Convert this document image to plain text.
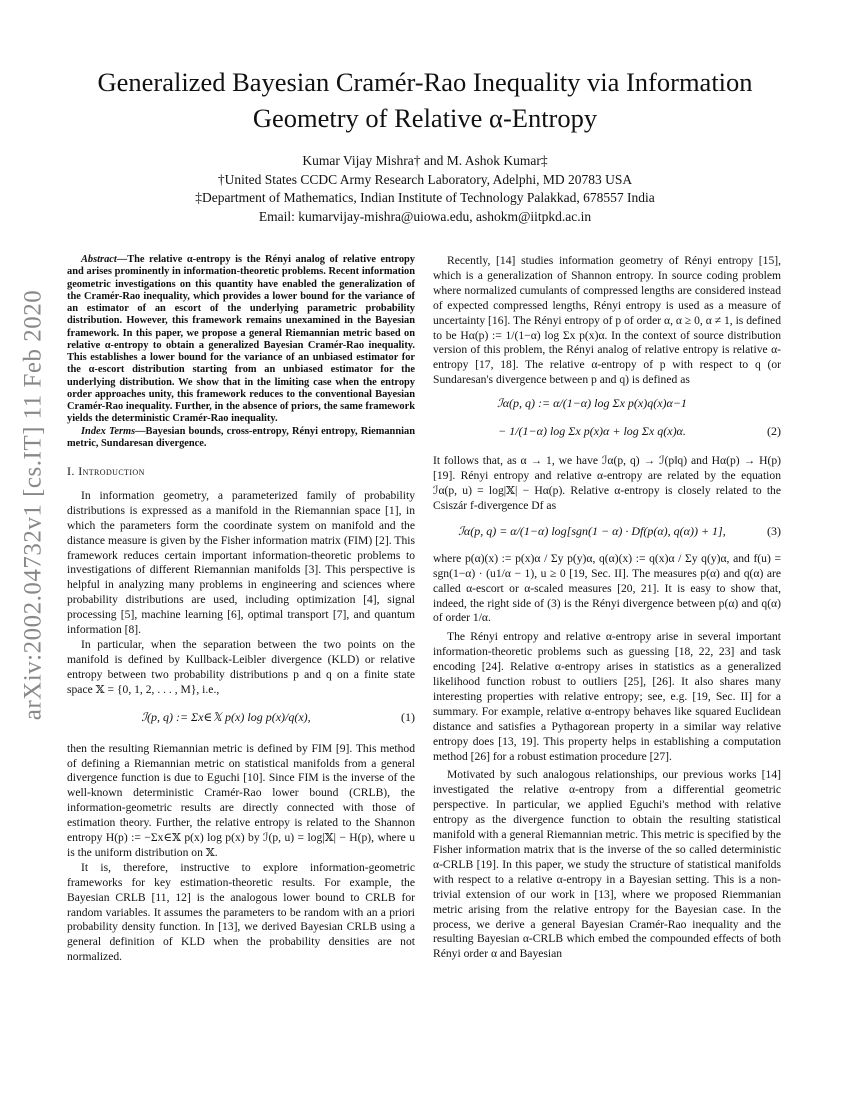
arXiv:2002.04732v1 [cs.IT] 11 Feb 2020
Generalized Bayesian Cramér-Rao Inequality via Information Geometry of Relative α-Entropy
Kumar Vijay Mishra† and M. Ashok Kumar‡
†United States CCDC Army Research Laboratory, Adelphi, MD 20783 USA
‡Department of Mathematics, Indian Institute of Technology Palakkad, 678557 India
Email: kumarvijay-mishra@uiowa.edu, ashokm@iitpkd.ac.in

Abstract—The relative α-entropy is the Rényi analog of relative entropy and arises prominently in information-theoretic problems. Recent information geometric investigations on this quantity have enabled the generalization of the Cramér-Rao inequality, which provides a lower bound for the variance of an estimator of an escort of the underlying parametric probability distribution. However, this framework remains unexamined in the Bayesian framework. In this paper, we propose a general Riemannian metric based on relative α-entropy to obtain a generalized Bayesian Cramér-Rao inequality. This establishes a lower bound for the variance of an unbiased estimator for the α-escort distribution starting from an unbiased estimator for the underlying distribution. We show that in the limiting case when the entropy order approaches unity, this framework reduces to the conventional Bayesian Cramér-Rao inequality. Further, in the absence of priors, the same framework yields the deterministic Cramér-Rao inequality.

Index Terms—Bayesian bounds, cross-entropy, Rényi entropy, Riemannian metric, Sundaresan divergence.

I. Introduction

In information geometry, a parameterized family of probability distributions is expressed as a manifold in the Riemannian space [1], in which the parameters form the coordinate system on manifold and the distance measure is given by the Fisher information matrix (FIM) [2]. This framework reduces certain important information-theoretic problems to investigations of different Riemannian manifolds [3]. This perspective is helpful in analyzing many problems in engineering and sciences where probability distributions are used, including optimization [4], signal processing [5], machine learning [6], optimal transport [7], and quantum information [8].

In particular, when the separation between the two points on the manifold is defined by Kullback-Leibler divergence (KLD) or relative entropy between two probability distributions p and q on a finite state space 𝕏 = {0, 1, 2, . . . , M}, i.e.,

ℐ(p, q) := Σx∈𝕏 p(x) log p(x)/q(x),	(1)

then the resulting Riemannian metric is defined by FIM [9]. This method of defining a Riemannian metric on statistical manifolds from a general divergence function is due to Eguchi [10]. Since FIM is the inverse of the well-known deterministic Cramér-Rao lower bound (CRLB), the information-geometric results are directly connected with those of estimation theory. Further, the relative entropy is related to the Shannon entropy H(p) := −Σx∈𝕏 p(x) log p(x) by ℐ(p, u) = log|𝕏| − H(p), where u is the uniform distribution on 𝕏.

It is, therefore, instructive to explore information-geometric frameworks for key estimation-theoretic results. For example, the Bayesian CRLB [11, 12] is the analogous lower bound to CRLB for random variables. It assumes the parameters to be random with an a priori probability density function. In [13], we derived Bayesian CRLB using a general definition of KLD when the probability densities are not normalized.

Recently, [14] studies information geometry of Rényi entropy [15], which is a generalization of Shannon entropy. In source coding problem where normalized cumulants of compressed lengths are considered instead of expected compressed lengths, Rényi entropy is used as a measure of uncertainty [16]. The Rényi entropy of p of order α, α ≥ 0, α ≠ 1, is defined to be Hα(p) := 1/(1−α) log Σx p(x)α. In the context of source distribution version of this problem, the Rényi analog of relative entropy is relative α-entropy [17, 18]. The relative α-entropy of p with respect to q (or Sundaresan's divergence between p and q) is defined as

ℐα(p, q) := α/(1−α) log Σx p(x)q(x)α−1
− 1/(1−α) log Σx p(x)α + log Σx q(x)α.	(2)

It follows that, as α → 1, we have ℐα(p, q) → ℐ(p‖q) and Hα(p) → H(p) [19]. Rényi entropy and relative α-entropy are related by the equation ℐα(p, u) = log|𝕏| − Hα(p). Relative α-entropy is closely related to the Csiszár f-divergence Df as

ℐα(p, q) = α/(1−α) log[sgn(1 − α) · Df(p(α), q(α)) + 1],	(3)

where p(α)(x) := p(x)α / Σy p(y)α, q(α)(x) := q(x)α / Σy q(y)α, and f(u) = sgn(1−α) · (u1/α − 1), u ≥ 0 [19, Sec. II]. The measures p(α) and q(α) are called α-escort or α-scaled measures [20, 21]. It is easy to show that, indeed, the right side of (3) is the Rényi divergence between p(α) and q(α) of order 1/α.

The Rényi entropy and relative α-entropy arise in several important information-theoretic problems such as guessing [18, 22, 23] and task encoding [24]. Relative α-entropy arises in statistics as a generalized likelihood function robust to outliers [25], [26]. It also shares many interesting properties with relative entropy; see, e.g. [19, Sec. II] for a summary. For example, relative α-entropy behaves like squared Euclidean distance and satisfies a Pythagorean property in a similar way relative entropy does [13, 19]. This property helps in establishing a computation method [26] for a robust estimation procedure [27].

Motivated by such analogous relationships, our previous works [14] investigated the relative α-entropy from a differential geometric perspective. In particular, we applied Eguchi's method with relative entropy as the divergence function to obtain the resulting statistical manifold with a general Riemannian metric. This metric is specified by the Fisher information matrix that is the inverse of the so called deterministic α-CRLB [19]. In this paper, we study the structure of statistical manifolds with respect to a relative α-entropy in a Bayesian setting. This is a non-trivial extension of our work in [13], where we proposed Riemmanian metric arising from the relative entropy for the Bayesian case. In the process, we derive a general Bayesian Cramér-Rao inequality and the resulting Bayesian α-CRLB which embed the compounded effects of both Rényi order α and Bayesian
